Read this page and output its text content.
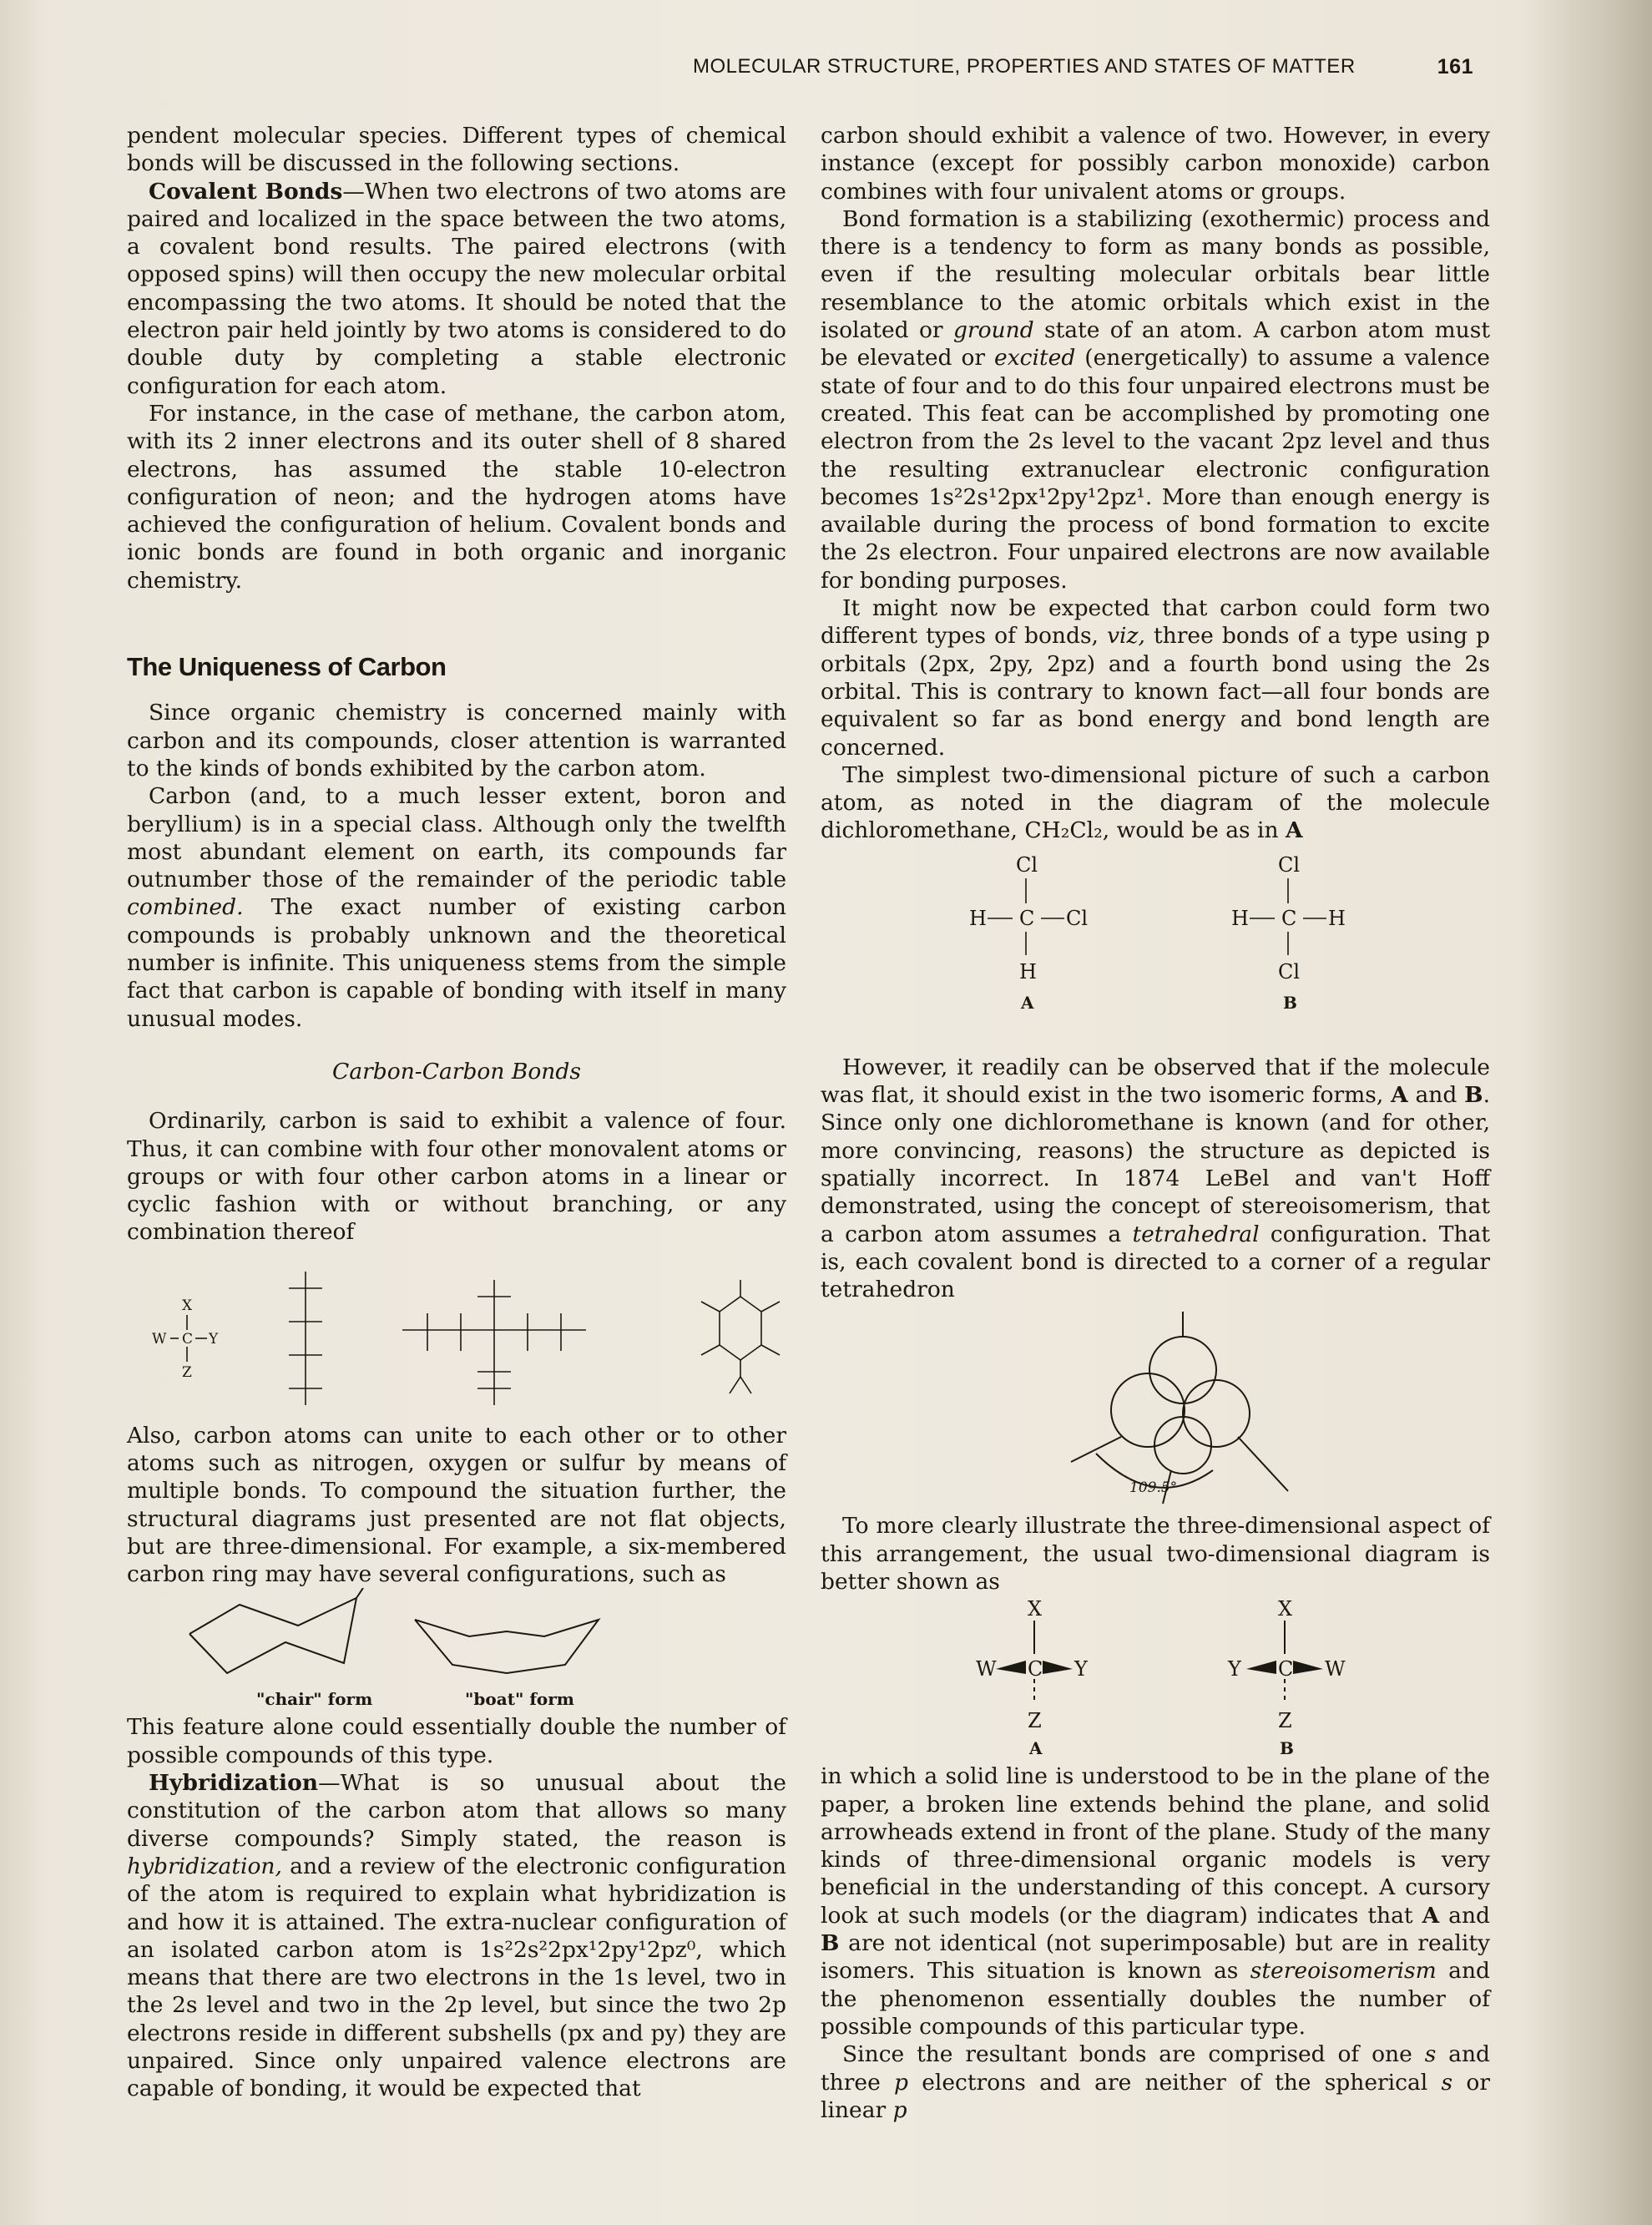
MOLECULAR STRUCTURE, PROPERTIES AND STATES OF MATTER	161

pendent molecular species. Different types of chemical bonds will be discussed in the following sections.

Covalent Bonds—When two electrons of two atoms are paired and localized in the space between the two atoms, a covalent bond results. The paired electrons (with opposed spins) will then occupy the new molecular orbital encompassing the two atoms. It should be noted that the electron pair held jointly by two atoms is considered to do double duty by completing a stable electronic configuration for each atom.

For instance, in the case of methane, the carbon atom, with its 2 inner electrons and its outer shell of 8 shared electrons, has assumed the stable 10-electron configuration of neon; and the hydrogen atoms have achieved the configuration of helium. Covalent bonds and ionic bonds are found in both organic and inorganic chemistry.

The Uniqueness of Carbon

Since organic chemistry is concerned mainly with carbon and its compounds, closer attention is warranted to the kinds of bonds exhibited by the carbon atom.

Carbon (and, to a much lesser extent, boron and beryllium) is in a special class. Although only the twelfth most abundant element on earth, its compounds far outnumber those of the remainder of the periodic table combined. The exact number of existing carbon compounds is probably unknown and the theoretical number is infinite. This uniqueness stems from the simple fact that carbon is capable of bonding with itself in many unusual modes.

Carbon-Carbon Bonds

Ordinarily, carbon is said to exhibit a valence of four. Thus, it can combine with four other monovalent atoms or groups or with four other carbon atoms in a linear or cyclic fashion with or without branching, or any combination thereof

W C Y
X
Z

Also, carbon atoms can unite to each other or to other atoms such as nitrogen, oxygen or sulfur by means of multiple bonds. To compound the situation further, the structural diagrams just presented are not flat objects, but are three-dimensional. For example, a six-membered carbon ring may have several configurations, such as

"chair" form	"boat" form

This feature alone could essentially double the number of possible compounds of this type.

Hybridization—What is so unusual about the constitution of the carbon atom that allows so many diverse compounds? Simply stated, the reason is hybridization, and a review of the electronic configuration of the atom is required to explain what hybridization is and how it is attained. The extra-nuclear configuration of an isolated carbon atom is 1s²2s²2px¹2py¹2pz⁰, which means that there are two electrons in the 1s level, two in the 2s level and two in the 2p level, but since the two 2p electrons reside in different subshells (px and py) they are unpaired. Since only unpaired valence electrons are capable of bonding, it would be expected that

carbon should exhibit a valence of two. However, in every instance (except for possibly carbon monoxide) carbon combines with four univalent atoms or groups.

Bond formation is a stabilizing (exothermic) process and there is a tendency to form as many bonds as possible, even if the resulting molecular orbitals bear little resemblance to the atomic orbitals which exist in the isolated or ground state of an atom. A carbon atom must be elevated or excited (energetically) to assume a valence state of four and to do this four unpaired electrons must be created. This feat can be accomplished by promoting one electron from the 2s level to the vacant 2pz level and thus the resulting extranuclear electronic configuration becomes 1s²2s¹2px¹2py¹2pz¹. More than enough energy is available during the process of bond formation to excite the 2s electron. Four unpaired electrons are now available for bonding purposes.

It might now be expected that carbon could form two different types of bonds, viz, three bonds of a type using p orbitals (2px, 2py, 2pz) and a fourth bond using the 2s orbital. This is contrary to known fact—all four bonds are equivalent so far as bond energy and bond length are concerned.

The simplest two-dimensional picture of such a carbon atom, as noted in the diagram of the molecule dichloromethane, CH₂Cl₂, would be as in A

Cl
H C Cl
H
Cl
H C H
Cl
A	B

However, it readily can be observed that if the molecule was flat, it should exist in the two isomeric forms, A and B. Since only one dichloromethane is known (and for other, more convincing, reasons) the structure as depicted is spatially incorrect. In 1874 LeBel and van't Hoff demonstrated, using the concept of stereoisomerism, that a carbon atom assumes a tetrahedral configuration. That is, each covalent bond is directed to a corner of a regular tetrahedron

109.5°

To more clearly illustrate the three-dimensional aspect of this arrangement, the usual two-dimensional diagram is better shown as

X
W C Y
Z
X
Y C W
Z
A	B

in which a solid line is understood to be in the plane of the paper, a broken line extends behind the plane, and solid arrowheads extend in front of the plane. Study of the many kinds of three-dimensional organic models is very beneficial in the understanding of this concept. A cursory look at such models (or the diagram) indicates that A and B are not identical (not superimposable) but are in reality isomers. This situation is known as stereoisomerism and the phenomenon essentially doubles the number of possible compounds of this particular type.

Since the resultant bonds are comprised of one s and three p electrons and are neither of the spherical s or linear p
